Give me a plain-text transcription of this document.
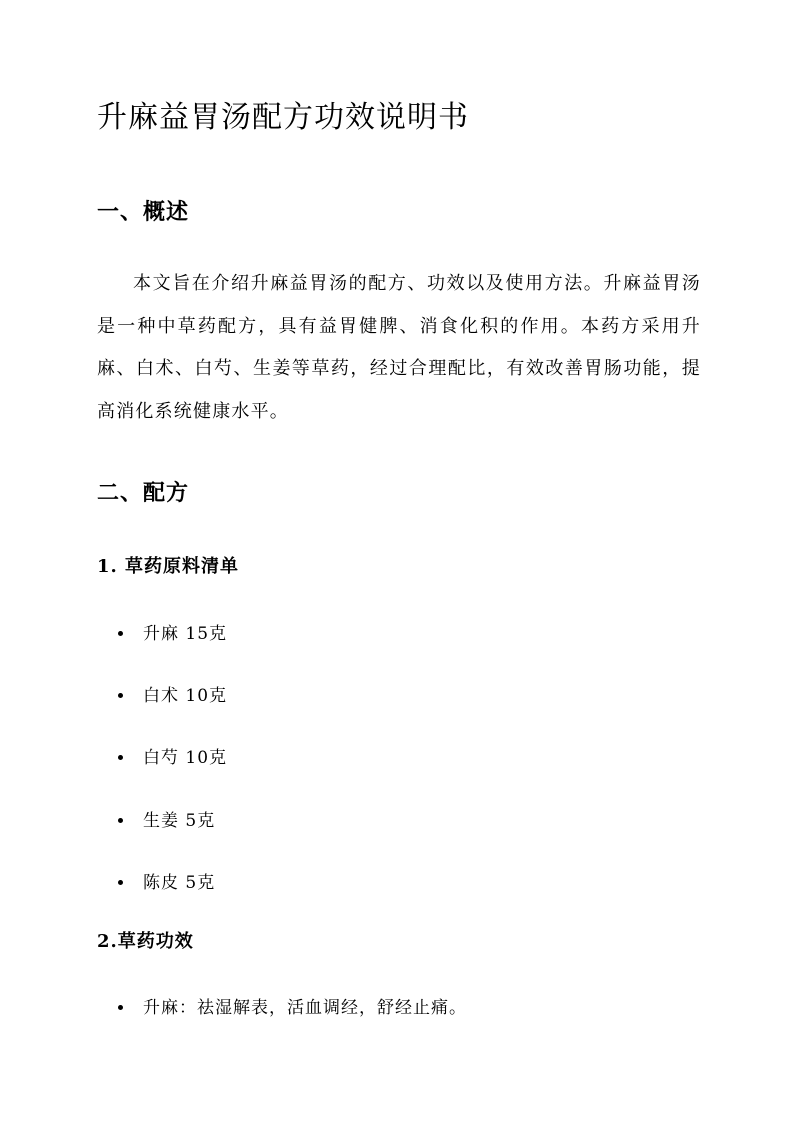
升麻益胃汤配方功效说明书
一、概述

本文旨在介绍升麻益胃汤的配方、功效以及使用方法。升麻益胃汤是一种中草药配方，具有益胃健脾、消食化积的作用。本药方采用升麻、白术、白芍、生姜等草药，经过合理配比，有效改善胃肠功能，提高消化系统健康水平。

二、配方
1. 草药原料清单
升麻 15克
白术 10克
白芍 10克
生姜 5克
陈皮 5克
2.草药功效
升麻：祛湿解表，活血调经，舒经止痛。
